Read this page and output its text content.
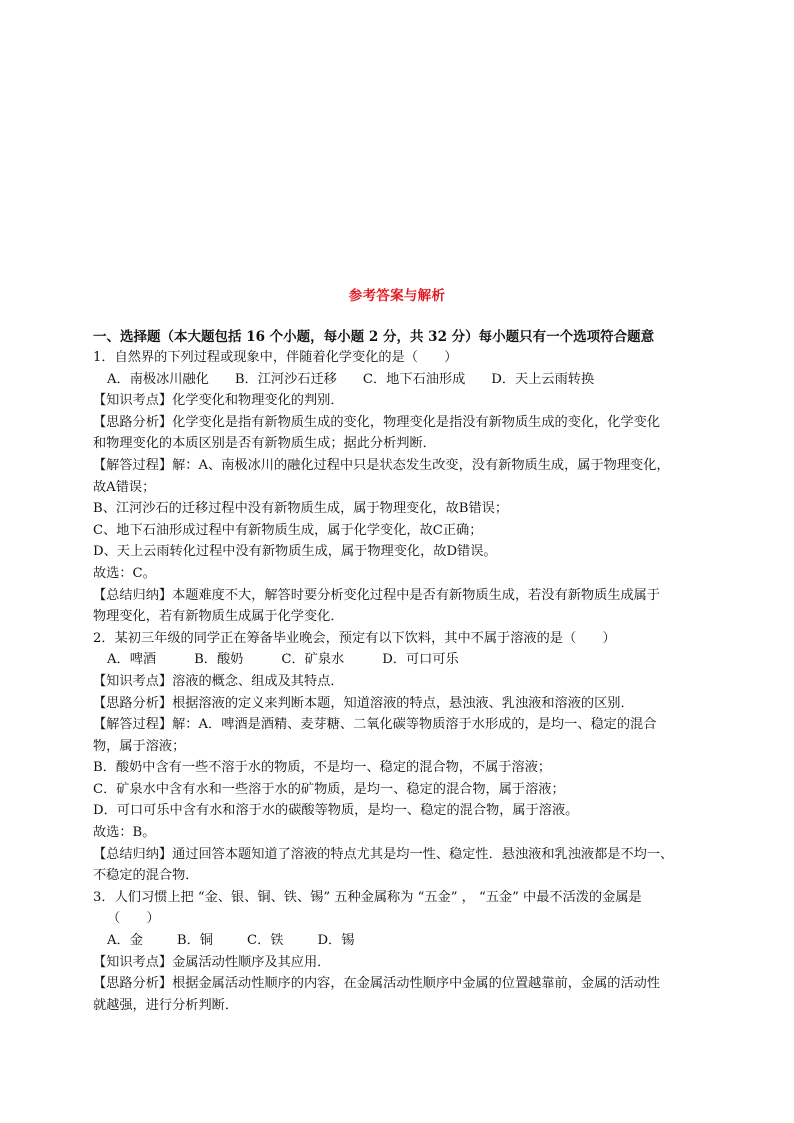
参考答案与解析
一、选择题（本大题包括 16 个小题，每小题 2 分，共 32 分）每小题只有一个选项符合题意
1．自然界的下列过程或现象中，伴随着化学变化的是（　　）
A．南极冰川融化 B．江河沙石迁移 C．地下石油形成 D．天上云雨转换
【知识考点】化学变化和物理变化的判别．
【思路分析】化学变化是指有新物质生成的变化，物理变化是指没有新物质生成的变化，化学变化
和物理变化的本质区别是否有新物质生成；据此分析判断．
【解答过程】解：A、南极冰川的融化过程中只是状态发生改变，没有新物质生成，属于物理变化，
故A错误；
B、江河沙石的迁移过程中没有新物质生成，属于物理变化，故B错误；
C、地下石油形成过程中有新物质生成，属于化学变化，故C正确；
D、天上云雨转化过程中没有新物质生成，属于物理变化，故D错误。
故选：C。
【总结归纳】本题难度不大，解答时要分析变化过程中是否有新物质生成，若没有新物质生成属于
物理变化，若有新物质生成属于化学变化．
2．某初三年级的同学正在筹备毕业晚会，预定有以下饮料，其中不属于溶液的是（　　）
A．啤酒	B．酸奶	C．矿泉水	D．可口可乐
【知识考点】溶液的概念、组成及其特点．
【思路分析】根据溶液的定义来判断本题，知道溶液的特点，悬浊液、乳浊液和溶液的区别．
【解答过程】解：A．啤酒是酒精、麦芽糖、二氧化碳等物质溶于水形成的，是均一、稳定的混合
物，属于溶液；
B．酸奶中含有一些不溶于水的物质，不是均一、稳定的混合物，不属于溶液；
C．矿泉水中含有水和一些溶于水的矿物质，是均一、稳定的混合物，属于溶液；
D．可口可乐中含有水和溶于水的碳酸等物质，是均一、稳定的混合物，属于溶液。
故选：B。
【总结归纳】通过回答本题知道了溶液的特点尤其是均一性、稳定性．悬浊液和乳浊液都是不均一、
不稳定的混合物．
3．人们习惯上把 “金、银、铜、铁、锡” 五种金属称为 “五金” ， “五金” 中最不活泼的金属是
（　　）
A．金	B．铜	C．铁	D．锡
【知识考点】金属活动性顺序及其应用．
【思路分析】根据金属活动性顺序的内容，在金属活动性顺序中金属的位置越靠前，金属的活动性
就越强，进行分析判断．
